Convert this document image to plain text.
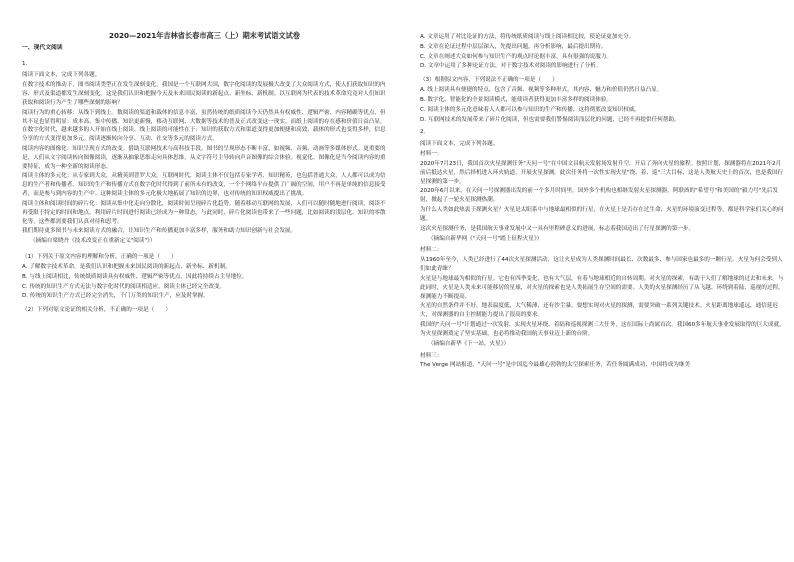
2020—2021年吉林省长春市高三（上）期末考试语文试卷
一、现代文阅读

1.

阅读下面文本，完成下列各题。

在数字技术的推动下，图书阅读类型正在发生深刻变化。我国是一个互联网大国，数字化阅读的发展极大改变了大众阅读方式，使人们获取知识的内容、形式及渠道都发生深刻变化。这是我们认识和把握今天及未来国民阅读的新起点、新坐标、新机制。以互联网为代表的技术革命究竟对人们知识获取和阅读行为产生了哪些深刻的影响？

阅读行为的重心转移：从线下到线上。数阅读的渠道和载体的信息丰富，虽然传统的纸质阅读今天仍然具有权威性、逻辑严密、内容精确等优点，但其不足也显得明显：成本高、集中传播、知识更新慢，移动互联网、大数据等技术的普及正式改变这一现实。而纸上阅读的存在感和价值日益凸显，在数字化时代，越来越多的人开始在线上阅读。线上阅读的可能性在于：知识的获取方式和渠道变得更加便捷和高效，载体的形式也变得多样，信息分享的方式变得更加多元。阅读逐渐转向分享、互动、社交等多元的阅读方式。

阅读内容的图像化：知识呈现方式的改变。借助互联网技术与高科技手段，图书的呈现形态不断丰富，如视频、音频、动画等多媒体形式。更重要的是，人们从文字阅读转向图像阅读，逐渐从抽象思维走向具体思维，从文字符号主导转向声音图像的综合体验。视觉化、图像化是当今阅读内容的重要特征，成为一种全新的阅读形态。

阅读主体的多元化：从专家到大众，从精英到普罗大众。互联网时代，阅读主体不仅包括专家学者、知识精英，也包括普通大众，人人都可以成为信息的生产者和传播者。知识的生产和传播方式在数字化时代得到了前所未有的改变，一个个网络平台提供了广阔的空间，用户不再是单纯的信息接受者，而是参与到内容的生产中。这种阅读主体的多元化极大地拓展了知识的边界，也对传统的知识权威提出了挑战。

阅读主体和阅读时间的碎片化：阅读从集中化走向分散化，阅读时间呈现碎片化趋势。随着移动互联网的发展，人们可以随时随地进行阅读，阅读不再受限于特定的时间和地点，利用碎片时间进行阅读已经成为一种常态。与此同时，碎片化阅读也带来了一些问题，比如阅读的浅层化、知识的零散化等，这些都需要我们认真对待和思考。

我们期待更多图书与未来阅读方式的融合，让知识生产和传播更加丰富多样，服务和助力知识创新与社会发展。

（摘编自梁晓丹《技术改变正在重新定义"阅读"》）

（1）下列关于原文内容的理解和分析，正确的一项是（　　）

A. 了解数字技术革命，是我们认识和把握未来国民阅读的新起点、新坐标、新机制。

B. 与线上阅读相比，传统纸质阅读具有权威性、逻辑严密等优点，因此将持续占主导地位。

C. 传统的知识生产方式无法与数字化时代的阅读相适应，阅读主体已经完全改变。

D. 传统的知识生产方式已经完全消失，千门万类的知识生产，应及时掌握。

（2）下列对原文论证的相关分析，不正确的一项是（　　）

A. 文章运用了对比论证的方法，将传统纸质阅读与线上阅读相比较，使论证更加充分。

B. 文章在论证过程中层层深入，先提出问题，再分析影响，最后提出期待。

C. 文章在阐述大众如何参与知识生产的观点时论据丰富，具有很强的说服力。

D. 文章中运用了多种论证方法，对于数字技术对阅读的影响进行了分析。

（3）根据原文内容，下列说法不正确的一项是（　　）

A. 线上阅读具有便捷的特点，包含了音频、视频等多种形式，其内容、魅力和价值仍然日益凸显。

B. 数字化、智能化的全景阅读模式，能使读者获得更加丰富多样的阅读体验。

C. 阅读主体的多元化意味着人人都可以参与知识的生产和传播，这将彻底改变知识权威。

D. 互联网技术的发展带来了碎片化阅读，但也需要我们警惕阅读浅层化的问题，已经不再提供任何帮助。

2.

阅读下面文本，完成下列各题。

材料一：

2020年7月23日，我国首次火星探测任务"天问一号"在中国文昌航天发射场发射升空，开启了奔向火星的旅程。按照计划，探测器将在2021年2月前后抵达火星，然后择机进入环火轨道，开展火星探测。此次任务将一次性实现火星"绕、着、巡"三大目标，这是人类航天史上的首次，也是我国行星探测的第一步。

2020年6月以来，在天问一号探测器出发的前一个多月时间里，国外多个机构也相继发射火星探测器，阿联酋的"希望号"和美国的"毅力号"先后发射，掀起了一轮火星探测热潮。

为什么人类如此热衷于探测火星？火星是太阳系中与地球最相似的行星，在火星上是否存在过生命、火星的环境演变过程等，都是科学家们关心的问题。

这次火星探测任务，是我国航天事业发展中又一具有里程碑意义的进展，标志着我国迈出了行星探测的第一步。

（摘编自新华网《"天问一号"踏上征程火星》）

材料二：

从1960年至今，人类已经进行了44次火星探测活动，这让火星成为人类探测时间最长、次数最多、参与国家也最多的一颗行星。火星为何会受到人们如此青睐？

火星是与地球最为相似的行星。它也有四季变化，也有大气层，有着与地球相近的自转周期。对火星的探索，有助于人们了解地球的过去和未来。与此同时，火星是人类未来可能移居的星球，对火星的探索也是人类拓展生存空间的需要。人类的火星探测经历了从飞越、环绕到着陆、巡视的过程，探测能力不断提高。

火星的自然条件并不好，地表温度低，大气稀薄，还有沙尘暴。要想实现对火星的探测，需要突破一系列关键技术。火星距离地球遥远，通信延迟大，对探测器的自主控制能力提出了很高的要求。

我国的"天问一号"计划通过一次发射，实现火星环绕、着陆和巡视探测三大任务，这在国际上尚属首次。我国60多年航天事业发展取得的巨大成就，为火星探测奠定了坚实基础，也必将推动我国航天事业迈上新的台阶。

（摘编自新华《下一站，火星》）

材料三：

The Verge 网站报道，"天问一号"是中国迄今最雄心勃勃的太空探索任务，若任务圆满成功，中国将成为继美
